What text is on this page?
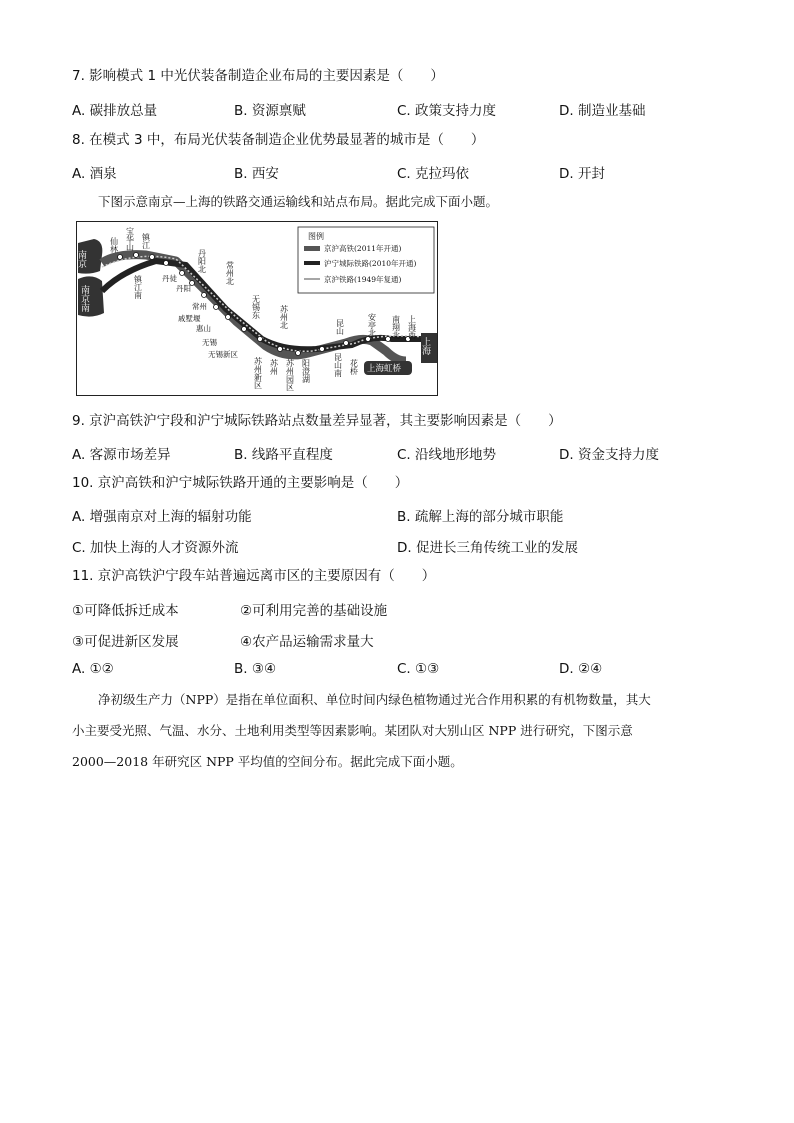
7. 影响模式 1 中光伏装备制造企业布局的主要因素是（　　）
A. 碳排放总量	B. 资源禀赋	C. 政策支持力度	D. 制造业基础
8. 在模式 3 中，布局光伏装备制造企业优势最显著的城市是（　　）
A. 酒泉	B. 西安	C. 克拉玛依	D. 开封

下图示意南京—上海的铁路交通运输线和站点布局。据此完成下面小题。

南京
南京南
上海
上海虹桥
仙林 宝华山 镇江
镇江南
丹阳北
丹阳
丹徒	常州北
常州
戚墅堰
惠山
无锡
无锡新区
无锡东 苏州北
苏州新区 苏州 苏州园区 阳澄湖
昆山
昆山南 花桥
安亭北 南翔北 上海西
图例
京沪高铁(2011年开通)
沪宁城际铁路(2010年开通)
京沪铁路(1949年复通)
9. 京沪高铁沪宁段和沪宁城际铁路站点数量差异显著，其主要影响因素是（　　）
A. 客源市场差异	B. 线路平直程度	C. 沿线地形地势	D. 资金支持力度
10. 京沪高铁和沪宁城际铁路开通的主要影响是（　　）
A. 增强南京对上海的辐射功能	B. 疏解上海的部分城市职能
C. 加快上海的人才资源外流	D. 促进长三角传统工业的发展
11. 京沪高铁沪宁段车站普遍远离市区的主要原因有（　　）
①可降低拆迁成本	②可利用完善的基础设施
③可促进新区发展	④农产品运输需求量大
A. ①②	B. ③④	C. ①③	D. ②④

净初级生产力（NPP）是指在单位面积、单位时间内绿色植物通过光合作用积累的有机物数量，其大

小主要受光照、气温、水分、土地利用类型等因素影响。某团队对大别山区 NPP 进行研究，下图示意

2000—2018 年研究区 NPP 平均值的空间分布。据此完成下面小题。
